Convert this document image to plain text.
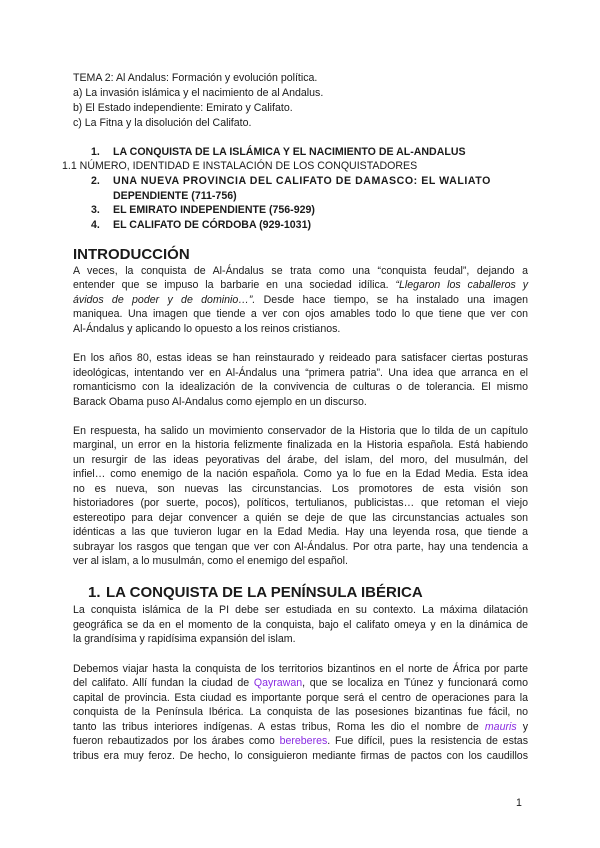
TEMA 2: Al Andalus: Formación y evolución política.
a) La invasión islámica y el nacimiento de al Andalus.
b) El Estado independiente: Emirato y Califato.
c) La Fitna y la disolución del Califato.
1. LA CONQUISTA DE LA ISLÁMICA Y EL NACIMIENTO DE AL-ANDALUS
1.1 NÚMERO, IDENTIDAD E INSTALACIÓN DE LOS CONQUISTADORES
2. UNA NUEVA PROVINCIA DEL CALIFATO DE DAMASCO: EL WALIATO
DEPENDIENTE (711-756)
3. EL EMIRATO INDEPENDIENTE (756-929)
4. EL CALIFATO DE CÓRDOBA (929-1031)
INTRODUCCIÓN
A veces, la conquista de Al-Ándalus se trata como una “conquista feudal”, dejando a
entender que se impuso la barbarie en una sociedad idílica. “Llegaron los caballeros y
ávidos de poder y de dominio…”. Desde hace tiempo, se ha instalado una imagen
maniquea. Una imagen que tiende a ver con ojos amables todo lo que tiene que ver con
Al-Ándalus y aplicando lo opuesto a los reinos cristianos.
En los años 80, estas ideas se han reinstaurado y reideado para satisfacer ciertas posturas
ideológicas, intentando ver en Al-Ándalus una “primera patria”. Una idea que arranca en el
romanticismo con la idealización de la convivencia de culturas o de tolerancia. El mismo
Barack Obama puso Al-Andalus como ejemplo en un discurso.
En respuesta, ha salido un movimiento conservador de la Historia que lo tilda de un capítulo
marginal, un error en la historia felizmente finalizada en la Historia española. Está habiendo
un resurgir de las ideas peyorativas del árabe, del islam, del moro, del musulmán, del
infiel… como enemigo de la nación española. Como ya lo fue en la Edad Media. Esta idea
no es nueva, son nuevas las circunstancias. Los promotores de esta visión son
historiadores (por suerte, pocos), políticos, tertulianos, publicistas… que retoman el viejo
estereotipo para dejar convencer a quién se deje de que las circunstancias actuales son
idénticas a las que tuvieron lugar en la Edad Media. Hay una leyenda rosa, que tiende a
subrayar los rasgos que tengan que ver con Al-Ándalus. Por otra parte, hay una tendencia a
ver al islam, a lo musulmán, como el enemigo del español.
1. LA CONQUISTA DE LA PENÍNSULA IBÉRICA
La conquista islámica de la PI debe ser estudiada en su contexto. La máxima dilatación
geográfica se da en el momento de la conquista, bajo el califato omeya y en la dinámica de
la grandísima y rapidísima expansión del islam.
Debemos viajar hasta la conquista de los territorios bizantinos en el norte de África por parte
del califato. Allí fundan la ciudad de Qayrawan, que se localiza en Túnez y funcionará como
capital de provincia. Esta ciudad es importante porque será el centro de operaciones para la
conquista de la Península Ibérica. La conquista de las posesiones bizantinas fue fácil, no
tanto las tribus interiores indígenas. A estas tribus, Roma les dio el nombre de mauris y
fueron rebautizados por los árabes como bereberes. Fue difícil, pues la resistencia de estas
tribus era muy feroz. De hecho, lo consiguieron mediante firmas de pactos con los caudillos
1
